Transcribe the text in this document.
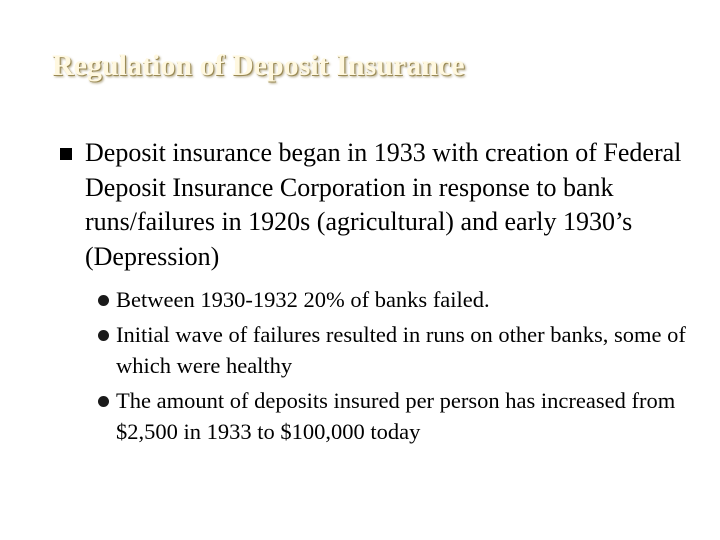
Regulation of Deposit Insurance
Deposit insurance began in 1933 with creation of Federal Deposit Insurance Corporation in response to bank runs/failures in 1920s (agricultural) and early 1930’s (Depression)
Between 1930-1932 20% of banks failed.
Initial wave of failures resulted in runs on other banks, some of which were healthy
The amount of deposits insured per person has increased from $2,500 in 1933 to $100,000 today
